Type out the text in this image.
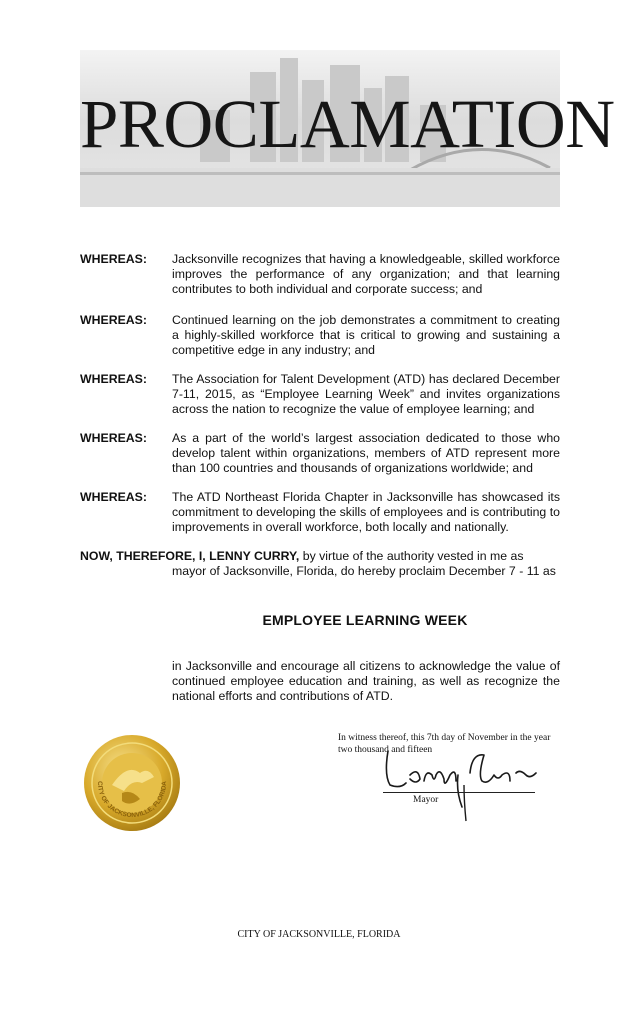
PROCLAMATION
WHEREAS: Jacksonville recognizes that having a knowledgeable, skilled workforce improves the performance of any organization; and that learning contributes to both individual and corporate success; and
WHEREAS: Continued learning on the job demonstrates a commitment to creating a highly-skilled workforce that is critical to growing and sustaining a competitive edge in any industry; and
WHEREAS: The Association for Talent Development (ATD) has declared December 7-11, 2015, as “Employee Learning Week” and invites organizations across the nation to recognize the value of employee learning; and
WHEREAS: As a part of the world’s largest association dedicated to those who develop talent within organizations, members of ATD represent more than 100 countries and thousands of organizations worldwide; and
WHEREAS: The ATD Northeast Florida Chapter in Jacksonville has showcased its commitment to developing the skills of employees and is contributing to improvements in overall workforce, both locally and nationally.
NOW, THEREFORE, I, LENNY CURRY, by virtue of the authority vested in me as
mayor of Jacksonville, Florida, do hereby proclaim December 7 - 11 as
EMPLOYEE LEARNING WEEK
in Jacksonville and encourage all citizens to acknowledge the value of continued employee education and training, as well as recognize the national efforts and contributions of ATD.
CITY OF JACKSONVILLE, FLORIDA
In witness thereof, this 7th day of November in the year two thousand and fifteen
Mayor
CITY OF JACKSONVILLE, FLORIDA
